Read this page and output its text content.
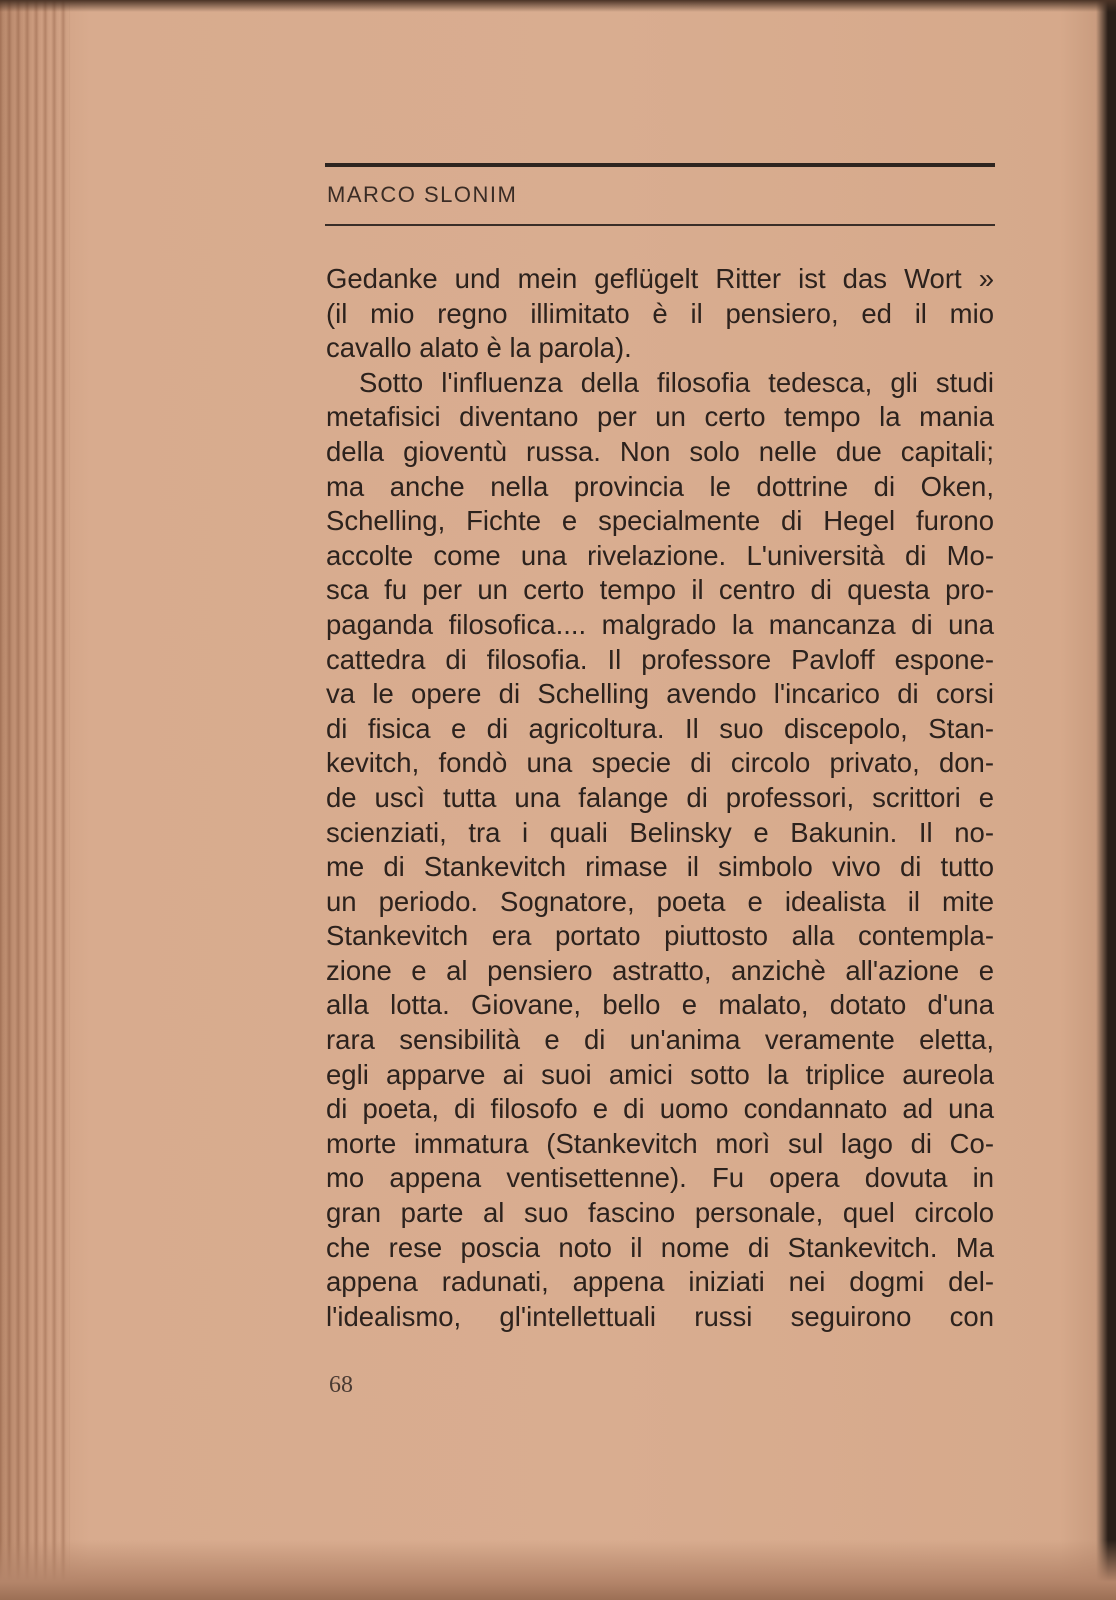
MARCO SLONIM
Gedanke und mein geflügelt Ritter ist das Wort »
(il mio regno illimitato è il pensiero, ed il mio
cavallo alato è la parola).
Sotto l'influenza della filosofia tedesca, gli studi
metafisici diventano per un certo tempo la mania
della gioventù russa. Non solo nelle due capitali;
ma anche nella provincia le dottrine di Oken,
Schelling, Fichte e specialmente di Hegel furono
accolte come una rivelazione. L'università di Mo-
sca fu per un certo tempo il centro di questa pro-
paganda filosofica.... malgrado la mancanza di una
cattedra di filosofia. Il professore Pavloff espone-
va le opere di Schelling avendo l'incarico di corsi
di fisica e di agricoltura. Il suo discepolo, Stan-
kevitch, fondò una specie di circolo privato, don-
de uscì tutta una falange di professori, scrittori e
scienziati, tra i quali Belinsky e Bakunin. Il no-
me di Stankevitch rimase il simbolo vivo di tutto
un periodo. Sognatore, poeta e idealista il mite
Stankevitch era portato piuttosto alla contempla-
zione e al pensiero astratto, anzichè all'azione e
alla lotta. Giovane, bello e malato, dotato d'una
rara sensibilità e di un'anima veramente eletta,
egli apparve ai suoi amici sotto la triplice aureola
di poeta, di filosofo e di uomo condannato ad una
morte immatura (Stankevitch morì sul lago di Co-
mo appena ventisettenne). Fu opera dovuta in
gran parte al suo fascino personale, quel circolo
che rese poscia noto il nome di Stankevitch. Ma
appena radunati, appena iniziati nei dogmi del-
l'idealismo, gl'intellettuali russi seguirono con
68
